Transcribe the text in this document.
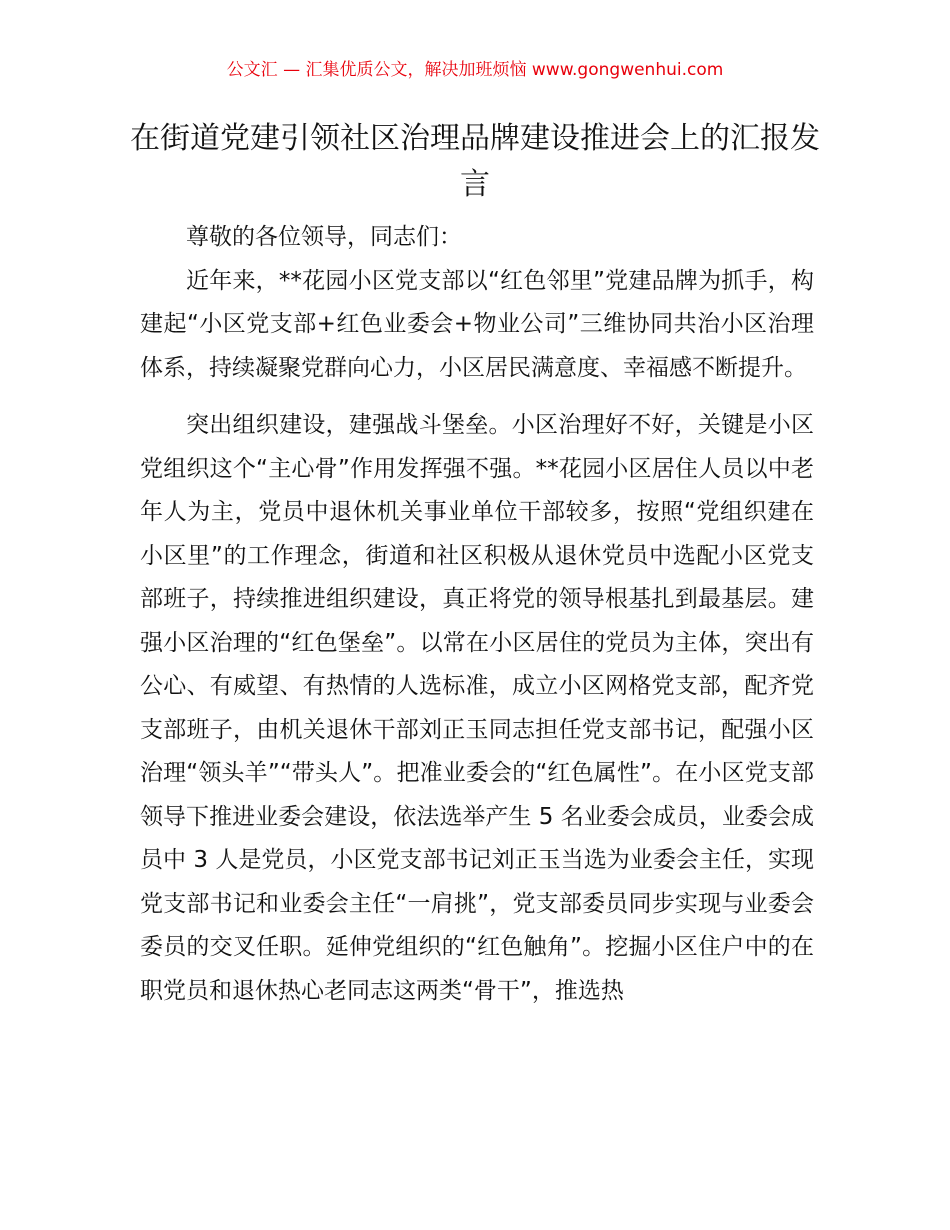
公文汇 — 汇集优质公文，解决加班烦恼 www.gongwenhui.com
在街道党建引领社区治理品牌建设推进会上的汇报发言

尊敬的各位领导，同志们：

近年来，**花园小区党支部以“红色邻里”党建品牌为抓手，构建起“小区党支部+红色业委会+物业公司”三维协同共治小区治理体系，持续凝聚党群向心力，小区居民满意度、幸福感不断提升。

突出组织建设，建强战斗堡垒。小区治理好不好，关键是小区党组织这个“主心骨”作用发挥强不强。**花园小区居住人员以中老年人为主，党员中退休机关事业单位干部较多，按照“党组织建在小区里”的工作理念，街道和社区积极从退休党员中选配小区党支部班子，持续推进组织建设，真正将党的领导根基扎到最基层。建强小区治理的“红色堡垒”。以常在小区居住的党员为主体，突出有公心、有威望、有热情的人选标准，成立小区网格党支部，配齐党支部班子，由机关退休干部刘正玉同志担任党支部书记，配强小区治理“领头羊”“带头人”。把准业委会的“红色属性”。在小区党支部领导下推进业委会建设，依法选举产生 5 名业委会成员，业委会成员中 3 人是党员，小区党支部书记刘正玉当选为业委会主任，实现党支部书记和业委会主任“一肩挑”，党支部委员同步实现与业委会委员的交叉任职。延伸党组织的“红色触角”。挖掘小区住户中的在职党员和退休热心老同志这两类“骨干”，推选热
